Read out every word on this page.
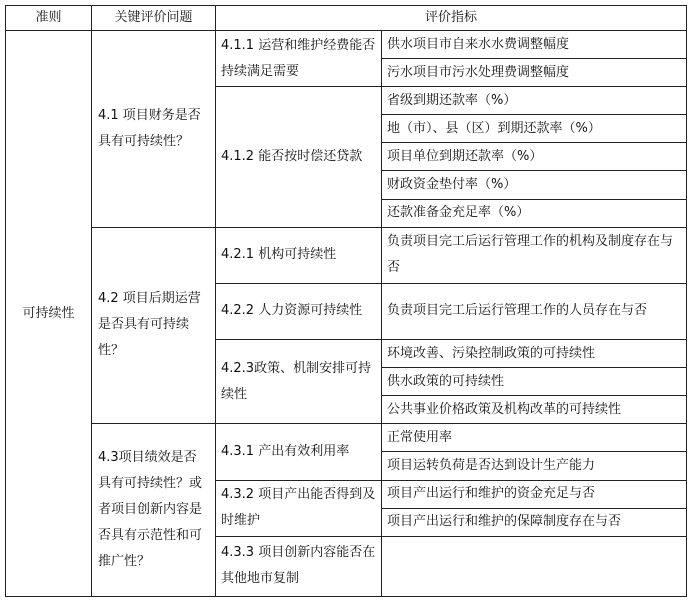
准则	关键评价问题	评价指标	
可持续性	4.1 项目财务是否具有可持续性？	4.1.1 运营和维护经费能否持续满足需要	供水项目市自来水水费调整幅度
			污水项目市污水处理费调整幅度
		4.1.2 能否按时偿还贷款	省级到期还款率（%）
			地（市）、县（区）到期还款率（%）
			项目单位到期还款率（%）
			财政资金垫付率（%）
			还款准备金充足率（%）
	4.2 项目后期运营是否具有可持续性？	4.2.1 机构可持续性	负责项目完工后运行管理工作的机构及制度存在与否
		4.2.2 人力资源可持续性	负责项目完工后运行管理工作的人员存在与否
		4.2.3政策、机制安排可持续性	环境改善、污染控制政策的可持续性
			供水政策的可持续性
			公共事业价格政策及机构改革的可持续性
	4.3项目绩效是否具有可持续性？或者项目创新内容是否具有示范性和可推广性？	4.3.1 产出有效利用率	正常使用率
			项目运转负荷是否达到设计生产能力
		4.3.2 项目产出能否得到及时维护	项目产出运行和维护的资金充足与否
			项目产出运行和维护的保障制度存在与否
		4.3.3 项目创新内容能否在其他地市复制	
